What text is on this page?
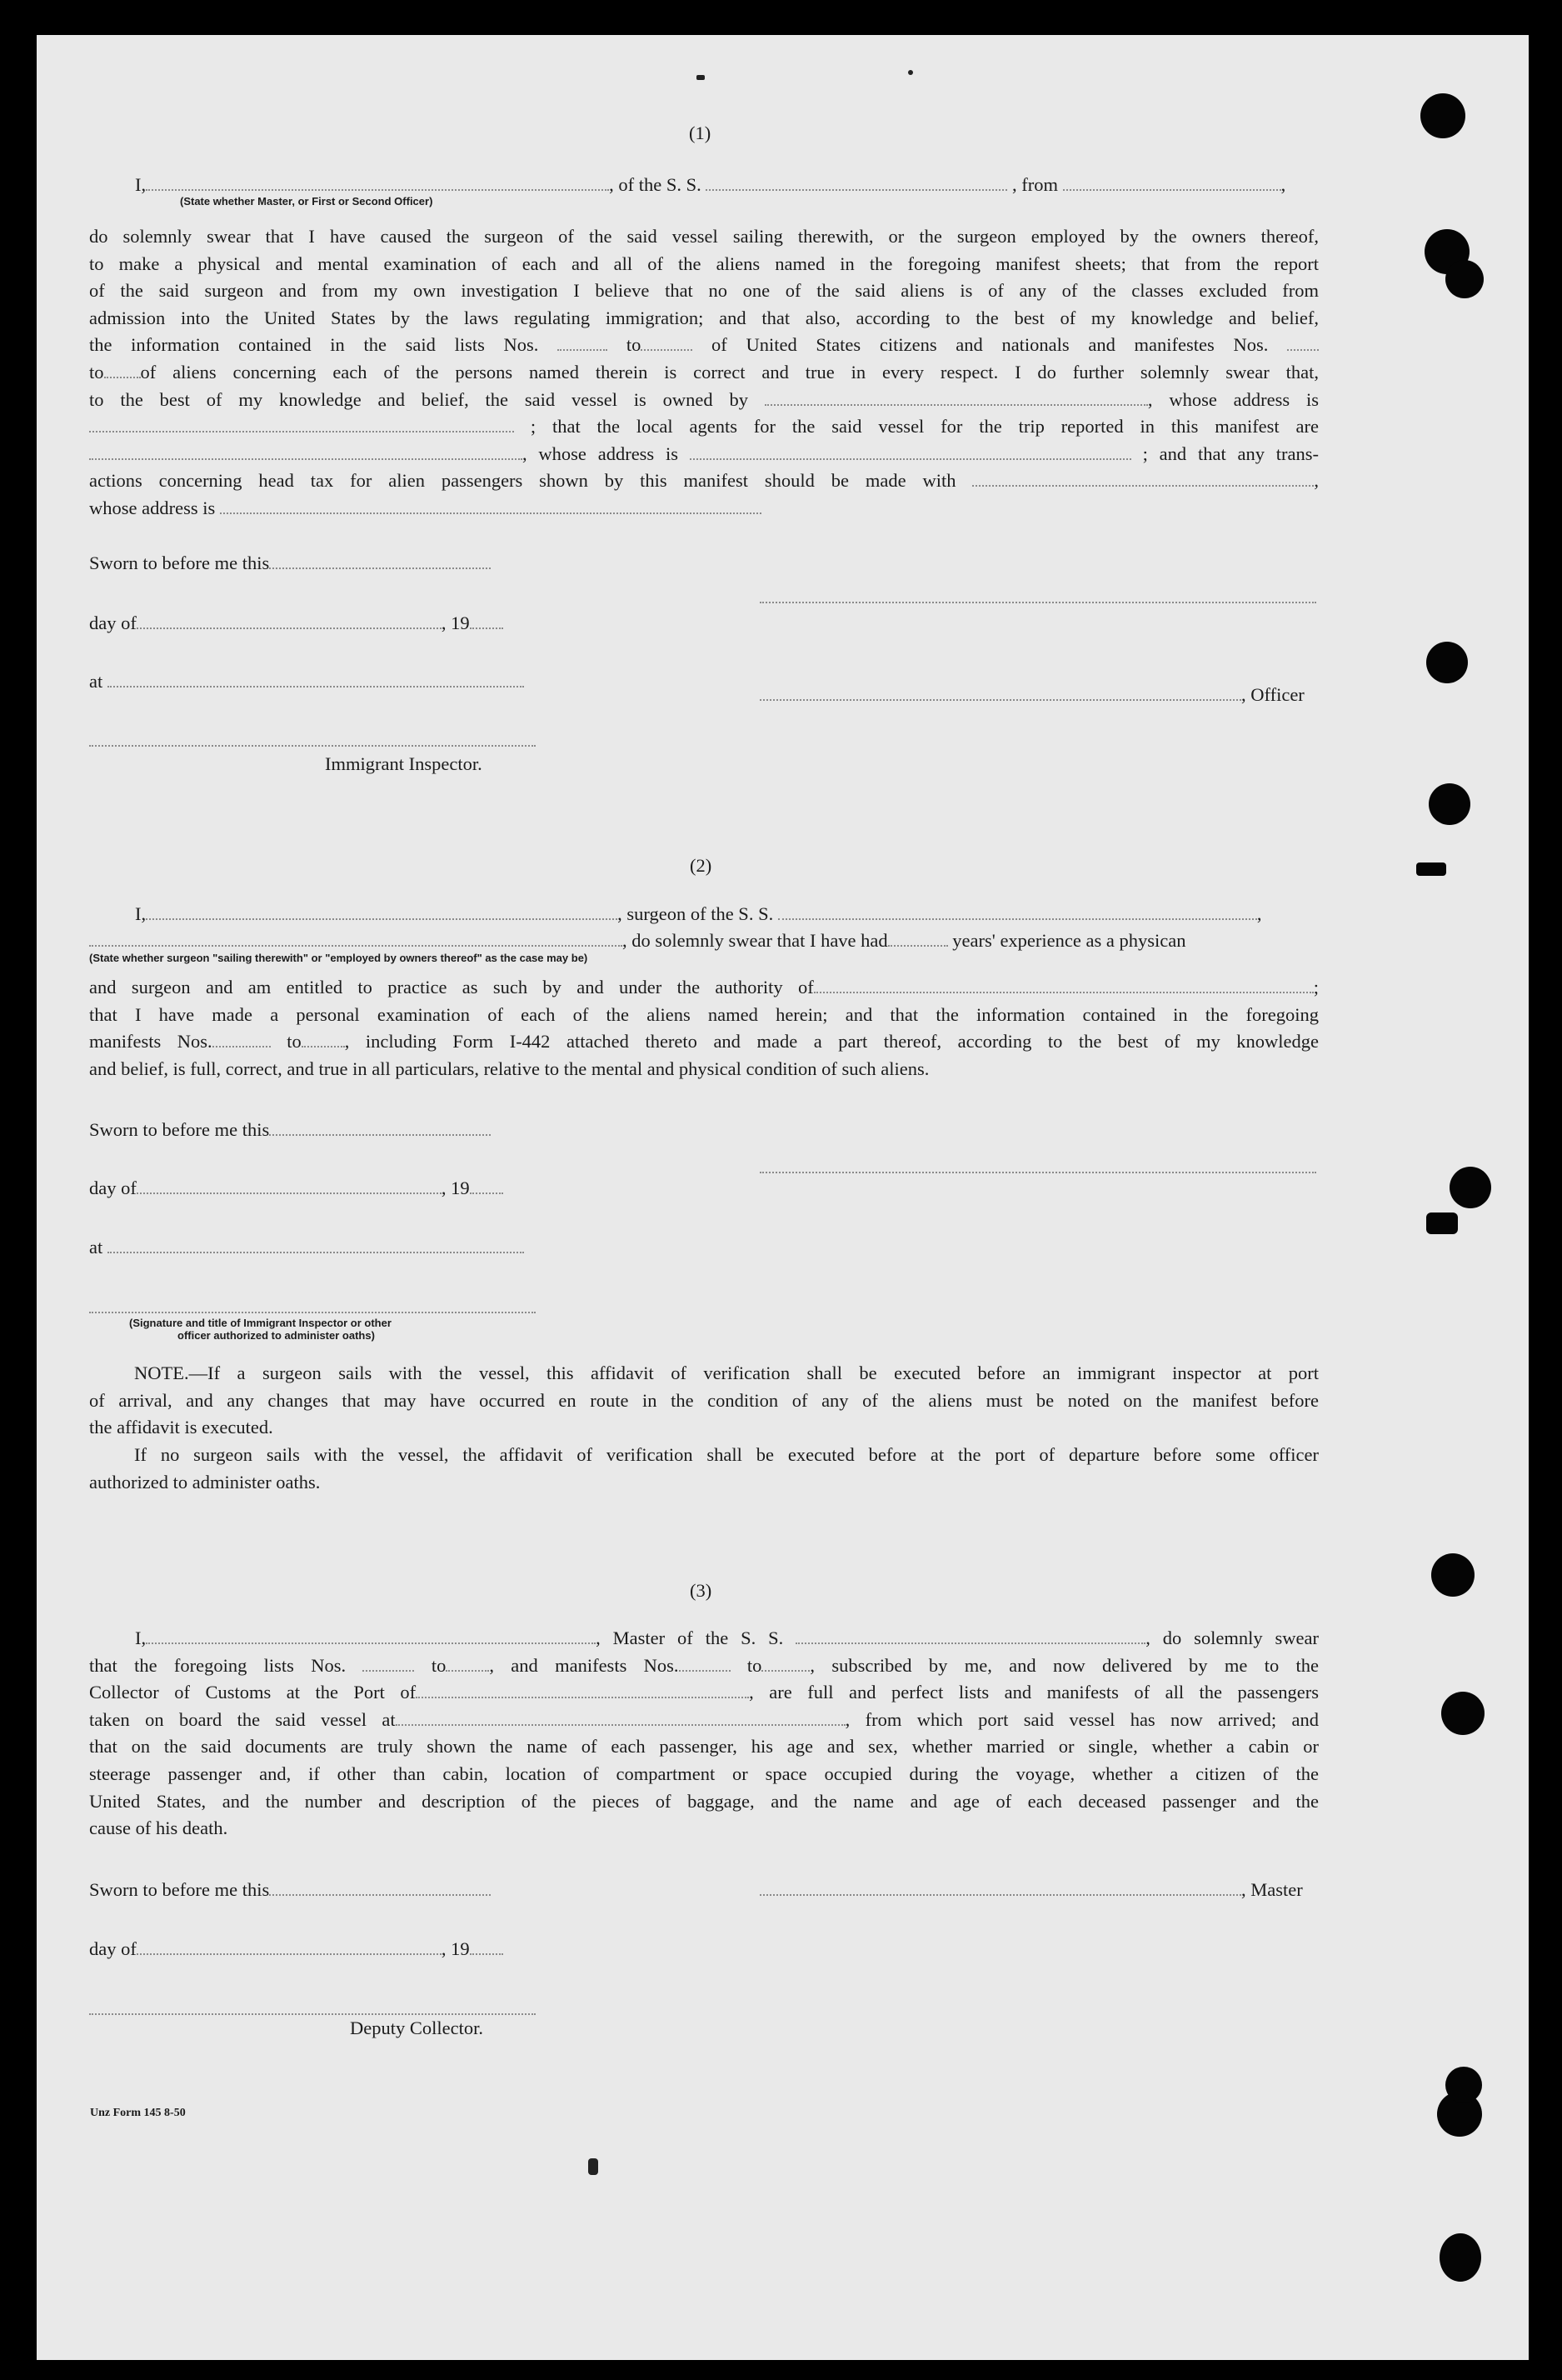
(1)
I,	, of the S. S.	, from	,
(State whether Master, or First or Second Officer)
do solemnly swear that I have caused the surgeon of the said vessel sailing therewith, or the surgeon employed by the owners thereof,
to make a physical and mental examination of each and all of the aliens named in the foregoing manifest sheets; that from the report
of the said surgeon and from my own investigation I believe that no one of the said aliens is of any of the classes excluded from
admission into the United States by the laws regulating immigration; and that also, according to the best of my knowledge and belief,
the information contained in the said lists Nos.	to	of United States citizens and nationals and manifestes Nos.
to of aliens concerning each of the persons named therein is correct and true in every respect. I do further solemnly swear that,
to the best of my knowledge and belief, the said vessel is owned by	, whose address is
; that the local agents for the said vessel for the trip reported in this manifest are
, whose address is	; and that any trans-
actions concerning head tax for alien passengers shown by this manifest should be made with	,
whose address is
Sworn to before me this
day of	, 19
at
, Officer
Immigrant Inspector.
(2)
I,	, surgeon of the S. S.	,
, do solemnly swear that I have had	years' experience as a physican
(State whether surgeon "sailing therewith" or "employed by owners thereof" as the case may be)
and surgeon and am entitled to practice as such by and under the authority of	;
that I have made a personal examination of each of the aliens named herein; and that the information contained in the foregoing
manifests Nos.	to , including Form I-442 attached thereto and made a part thereof, according to the best of my knowledge
and belief, is full, correct, and true in all particulars, relative to the mental and physical condition of such aliens.
Sworn to before me this
day of	, 19
at
(Signature and title of Immigrant Inspector or other
officer authorized to administer oaths)
NOTE.—If a surgeon sails with the vessel, this affidavit of verification shall be executed before an immigrant inspector at port
of arrival, and any changes that may have occurred en route in the condition of any of the aliens must be noted on the manifest before
the affidavit is executed.
If no surgeon sails with the vessel, the affidavit of verification shall be executed before at the port of departure before some officer
authorized to administer oaths.
(3)
I,	, Master of the S. S.	, do solemnly swear
that the foregoing lists Nos.	to , and manifests Nos.	to	, subscribed by me, and now delivered by me to the
Collector of Customs at the Port of	, are full and perfect lists and manifests of all the passengers
taken on board the said vessel at	, from which port said vessel has now arrived; and
that on the said documents are truly shown the name of each passenger, his age and sex, whether married or single, whether a cabin or
steerage passenger and, if other than cabin, location of compartment or space occupied during the voyage, whether a citizen of the
United States, and the number and description of the pieces of baggage, and the name and age of each deceased passenger and the
cause of his death.
Sworn to before me this	, Master
day of	, 19
Deputy Collector.
Unz Form 145 8-50
